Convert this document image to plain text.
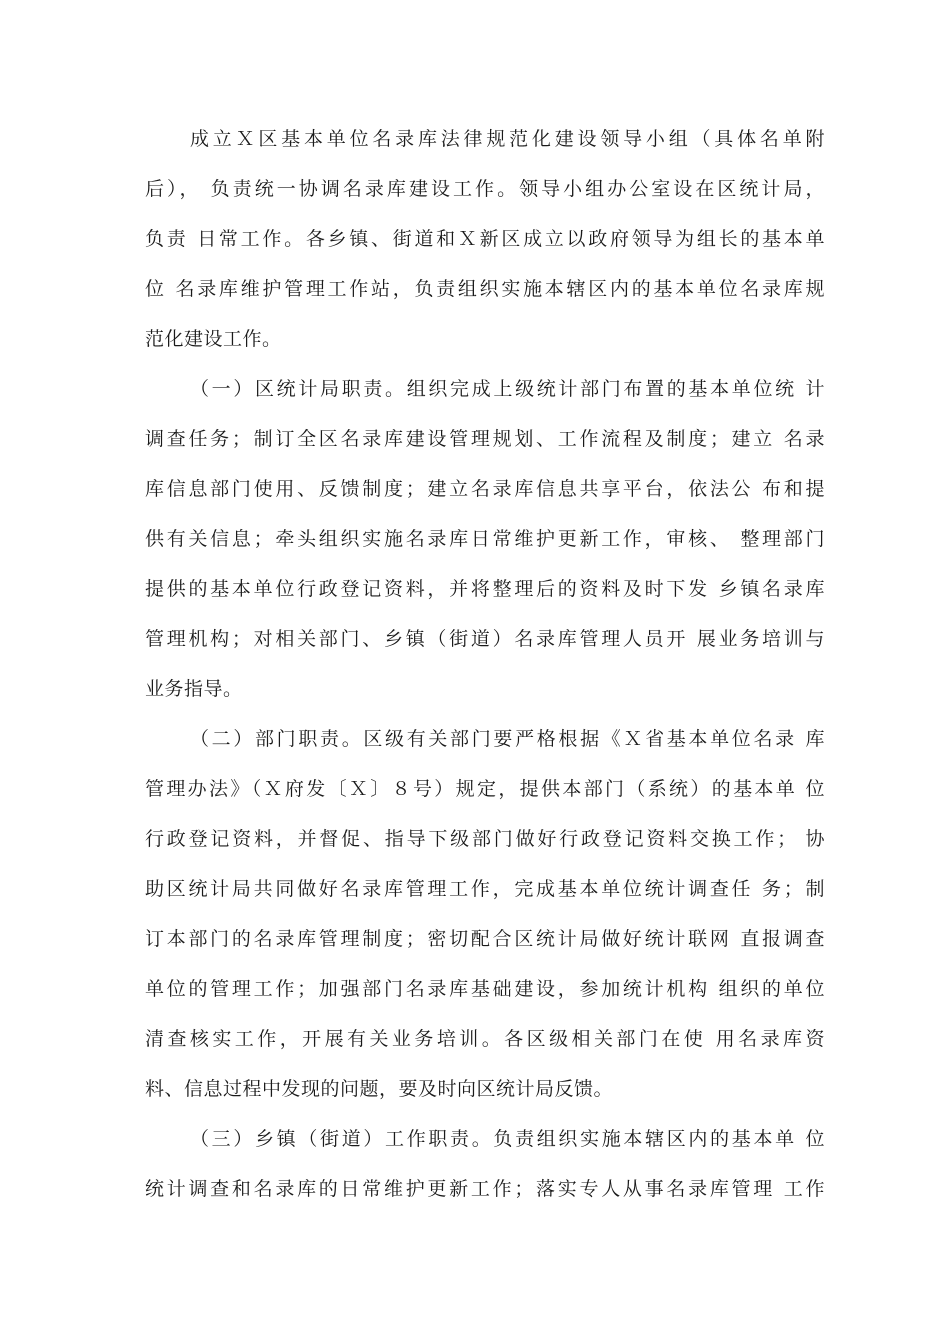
成立Ｘ区基本单位名录库法律规范化建设领导小组（具体名单附
后）， 负责统一协调名录库建设工作。领导小组办公室设在区统计局，
负责 日常工作。各乡镇、街道和Ｘ新区成立以政府领导为组长的基本单
位 名录库维护管理工作站，负责组织实施本辖区内的基本单位名录库规
范化建设工作。
（一）区统计局职责。组织完成上级统计部门布置的基本单位统 计
调查任务；制订全区名录库建设管理规划、工作流程及制度；建立 名录
库信息部门使用、反馈制度；建立名录库信息共享平台，依法公 布和提
供有关信息；牵头组织实施名录库日常维护更新工作，审核、 整理部门
提供的基本单位行政登记资料，并将整理后的资料及时下发 乡镇名录库
管理机构；对相关部门、乡镇（街道）名录库管理人员开 展业务培训与
业务指导。
（二）部门职责。区级有关部门要严格根据《Ｘ省基本单位名录 库
管理办法》（Ｘ府发〔Ｘ〕８号）规定，提供本部门（系统）的基本单 位
行政登记资料，并督促、指导下级部门做好行政登记资料交换工作； 协
助区统计局共同做好名录库管理工作，完成基本单位统计调查任 务；制
订本部门的名录库管理制度；密切配合区统计局做好统计联网 直报调查
单位的管理工作；加强部门名录库基础建设，参加统计机构 组织的单位
清查核实工作，开展有关业务培训。各区级相关部门在使 用名录库资
料、信息过程中发现的问题，要及时向区统计局反馈。
（三）乡镇（街道）工作职责。负责组织实施本辖区内的基本单 位
统计调查和名录库的日常维护更新工作；落实专人从事名录库管理 工作
